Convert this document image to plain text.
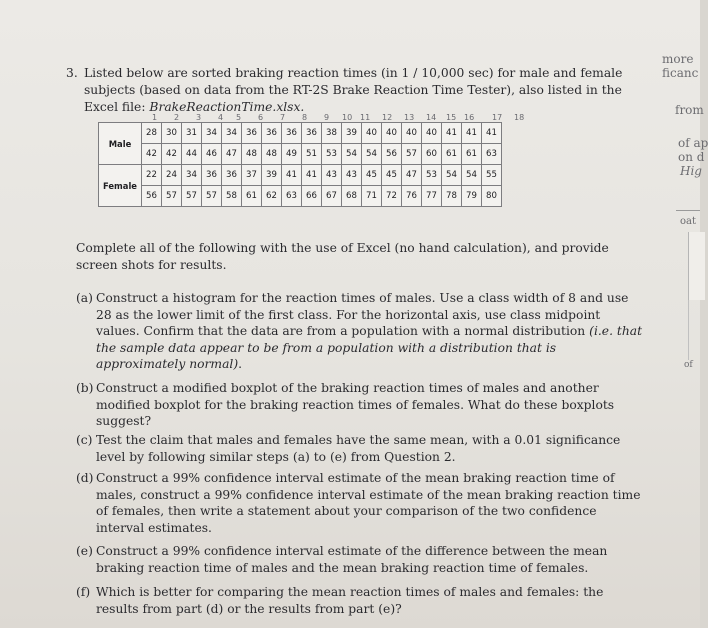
more
ficanc
from
of ap
on d
Hig
oat
of
3. Listed below are sorted braking reaction times (in 1 / 10,000 sec) for male and female subjects (based on data from the RT-2S Brake Reaction Time Tester), also listed in the Excel file: BrakeReactionTime.xlsx.
1 2 3 4 5 6 7 8 9 10 11 12 13 14 15 16 17 18
Male	28	30	31	34	34	36	36	36	36	38	39	40	40	40	40	41	41	41
	42	42	44	46	47	48	48	49	51	53	54	54	56	57	60	61	61	63
Female	22	24	34	36	36	37	39	41	41	43	43	45	45	47	53	54	54	55
	56	57	57	57	58	61	62	63	66	67	68	71	72	76	77	78	79	80
Complete all of the following with the use of Excel (no hand calculation), and provide screen shots for results.
(a) Construct a histogram for the reaction times of males. Use a class width of 8 and use 28 as the lower limit of the first class. For the horizontal axis, use class midpoint values. Confirm that the data are from a population with a normal distribution (i.e. that the sample data appear to be from a population with a distribution that is approximately normal).
(b) Construct a modified boxplot of the braking reaction times of males and another modified boxplot for the braking reaction times of females. What do these boxplots suggest?
(c) Test the claim that males and females have the same mean, with a 0.01 significance level by following similar steps (a) to (e) from Question 2.
(d) Construct a 99% confidence interval estimate of the mean braking reaction time of males, construct a 99% confidence interval estimate of the mean braking reaction time of females, then write a statement about your comparison of the two confidence interval estimates.
(e) Construct a 99% confidence interval estimate of the difference between the mean braking reaction time of males and the mean braking reaction time of females.
(f) Which is better for comparing the mean reaction times of males and females: the results from part (d) or the results from part (e)?
